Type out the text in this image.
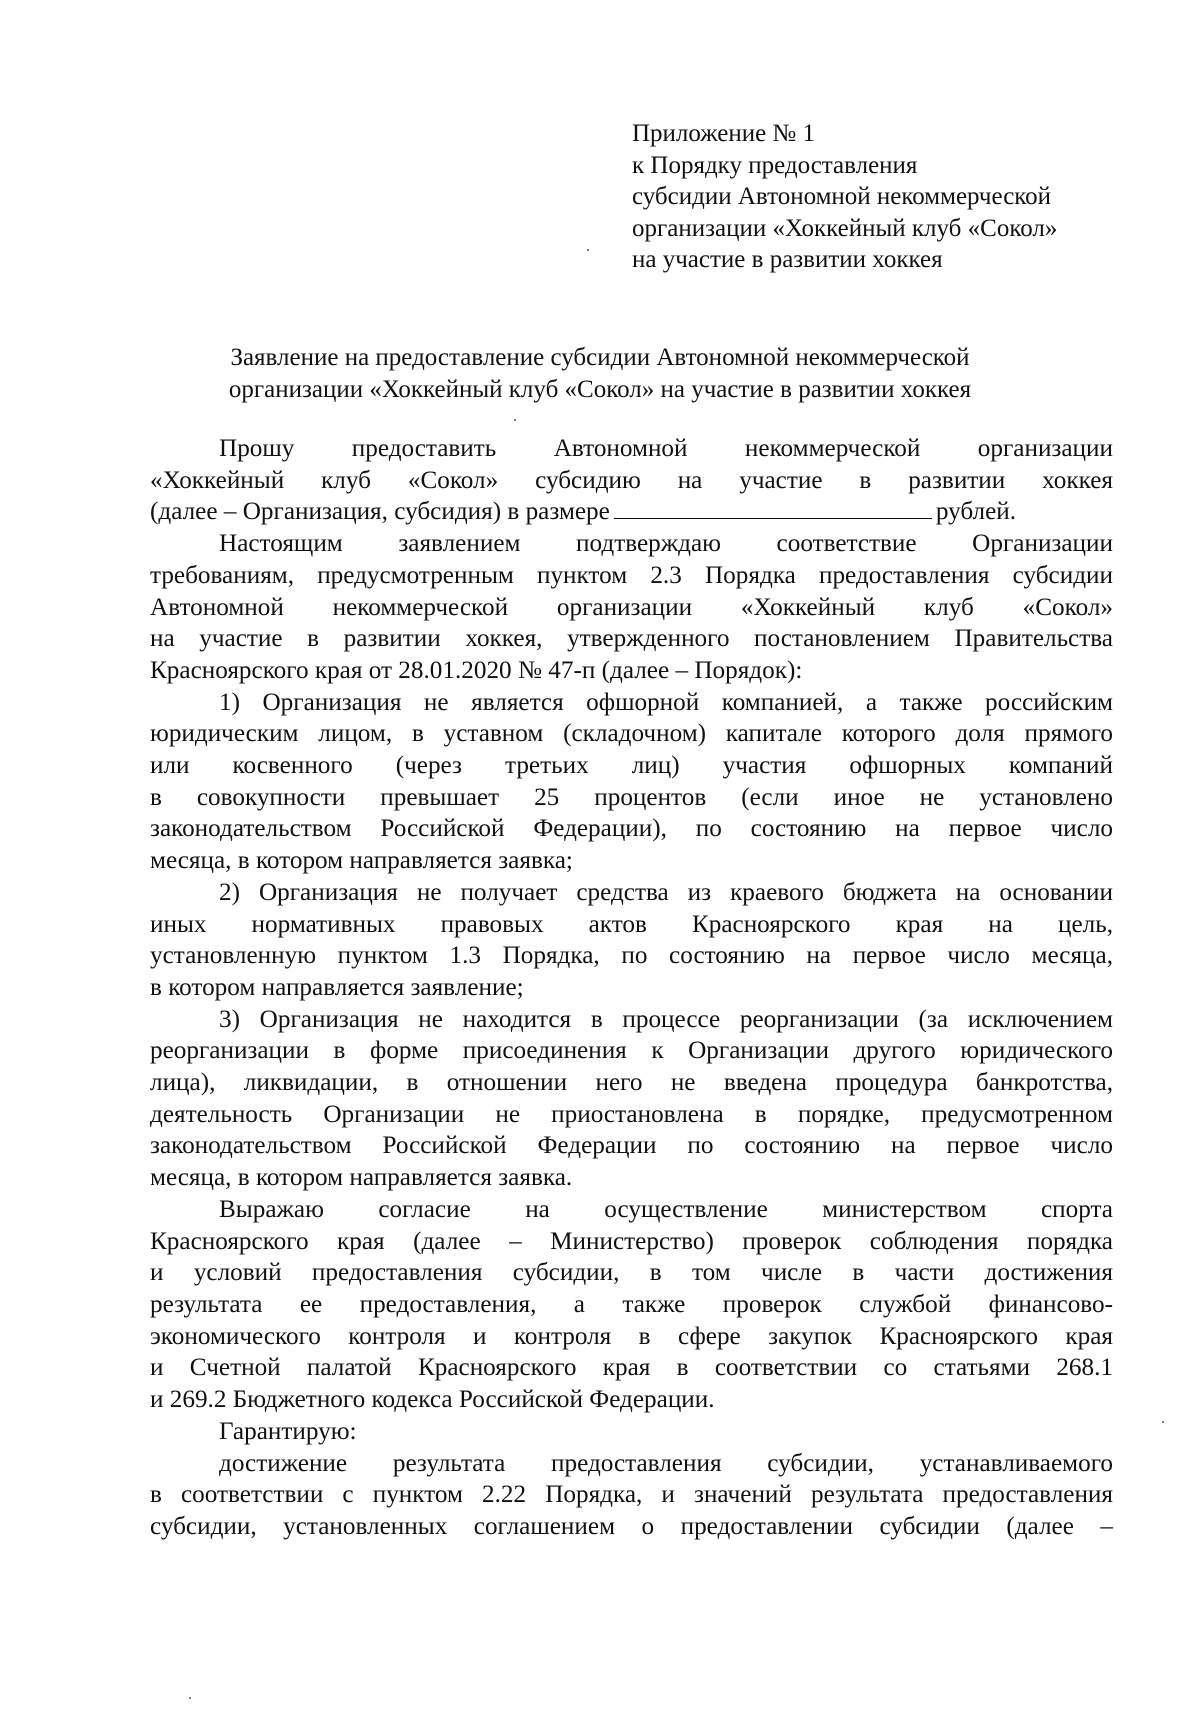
Приложение № 1
к Порядку предоставления
субсидии Автономной некоммерческой
организации «Хоккейный клуб «Сокол»
на участие в развитии хоккея
Заявление на предоставление субсидии Автономной некоммерческой
организации «Хоккейный клуб «Сокол» на участие в развитии хоккея
Прошу предоставить Автономной некоммерческой организации
«Хоккейный клуб «Сокол» субсидию на участие в развитии хоккея
(далее – Организация, субсидия) в размере	рублей.
Настоящим заявлением подтверждаю соответствие Организации
требованиям, предусмотренным пунктом 2.3 Порядка предоставления субсидии
Автономной некоммерческой организации «Хоккейный клуб «Сокол»
на участие в развитии хоккея, утвержденного постановлением Правительства
Красноярского края от 28.01.2020 № 47-п (далее – Порядок):
1) Организация не является офшорной компанией, а также российским
юридическим лицом, в уставном (складочном) капитале которого доля прямого
или косвенного (через третьих лиц) участия офшорных компаний
в совокупности превышает 25 процентов (если иное не установлено
законодательством Российской Федерации), по состоянию на первое число
месяца, в котором направляется заявка;
2) Организация не получает средства из краевого бюджета на основании
иных нормативных правовых актов Красноярского края на цель,
установленную пунктом 1.3 Порядка, по состоянию на первое число месяца,
в котором направляется заявление;
3) Организация не находится в процессе реорганизации (за исключением
реорганизации в форме присоединения к Организации другого юридического
лица), ликвидации, в отношении него не введена процедура банкротства,
деятельность Организации не приостановлена в порядке, предусмотренном
законодательством Российской Федерации по состоянию на первое число
месяца, в котором направляется заявка.
Выражаю согласие на осуществление министерством спорта
Красноярского края (далее – Министерство) проверок соблюдения порядка
и условий предоставления субсидии, в том числе в части достижения
результата ее предоставления, а также проверок службой финансово-
экономического контроля и контроля в сфере закупок Красноярского края
и Счетной палатой Красноярского края в соответствии со статьями 268.1
и 269.2 Бюджетного кодекса Российской Федерации.
Гарантирую:
достижение результата предоставления субсидии, устанавливаемого
в соответствии с пунктом 2.22 Порядка, и значений результата предоставления
субсидии, установленных соглашением о предоставлении субсидии (далее –
